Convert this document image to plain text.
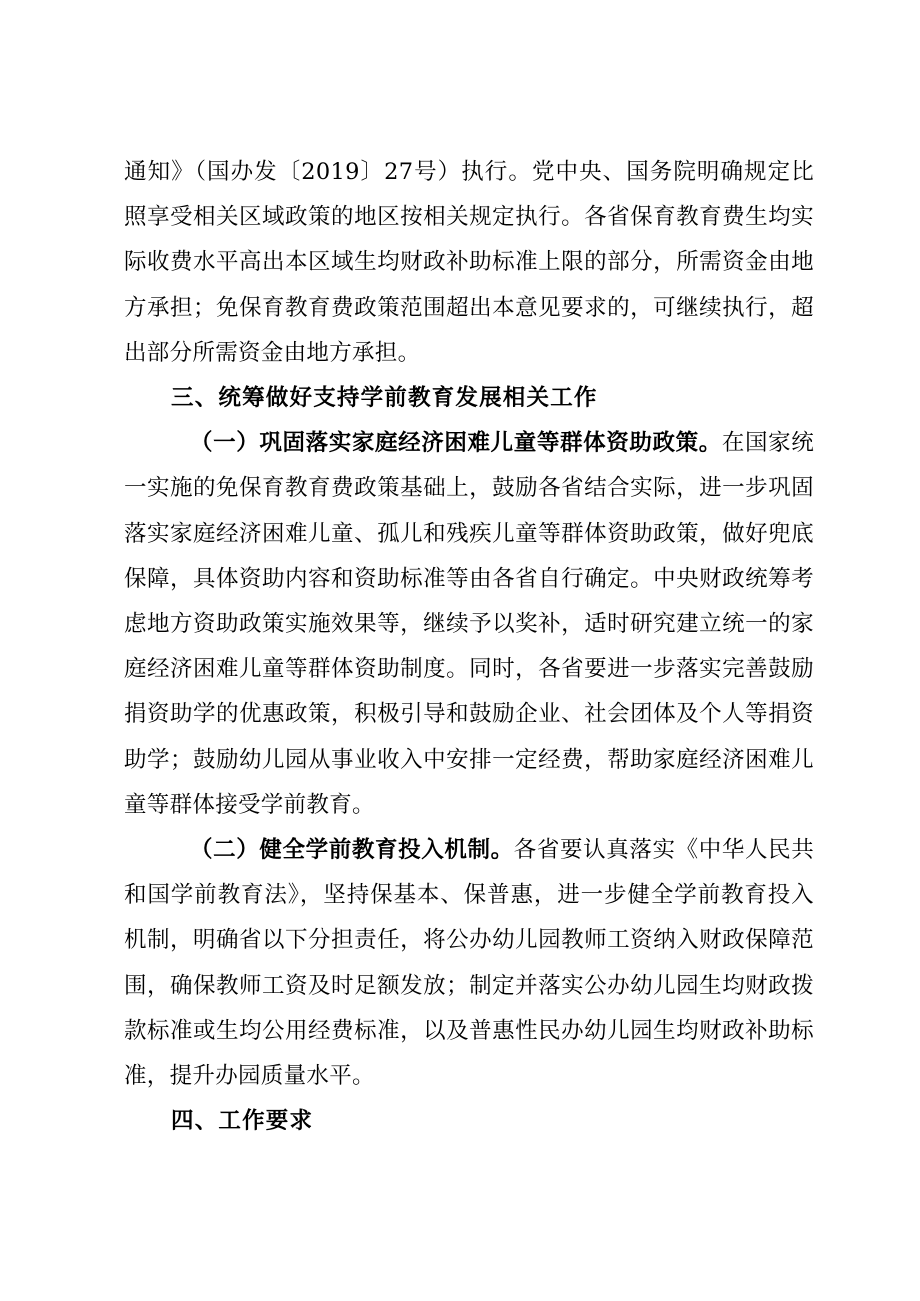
通知》（国办发〔2019〕27号）执行。党中央、国务院明确规定比照享受相关区域政策的地区按相关规定执行。各省保育教育费生均实际收费水平高出本区域生均财政补助标准上限的部分，所需资金由地方承担；免保育教育费政策范围超出本意见要求的，可继续执行，超出部分所需资金由地方承担。

三、统筹做好支持学前教育发展相关工作

（一）巩固落实家庭经济困难儿童等群体资助政策。在国家统一实施的免保育教育费政策基础上，鼓励各省结合实际，进一步巩固落实家庭经济困难儿童、孤儿和残疾儿童等群体资助政策，做好兜底保障，具体资助内容和资助标准等由各省自行确定。中央财政统筹考虑地方资助政策实施效果等，继续予以奖补，适时研究建立统一的家庭经济困难儿童等群体资助制度。同时，各省要进一步落实完善鼓励捐资助学的优惠政策，积极引导和鼓励企业、社会团体及个人等捐资助学；鼓励幼儿园从事业收入中安排一定经费，帮助家庭经济困难儿童等群体接受学前教育。

（二）健全学前教育投入机制。各省要认真落实《中华人民共和国学前教育法》，坚持保基本、保普惠，进一步健全学前教育投入机制，明确省以下分担责任，将公办幼儿园教师工资纳入财政保障范围，确保教师工资及时足额发放；制定并落实公办幼儿园生均财政拨款标准或生均公用经费标准，以及普惠性民办幼儿园生均财政补助标准，提升办园质量水平。

四、工作要求
